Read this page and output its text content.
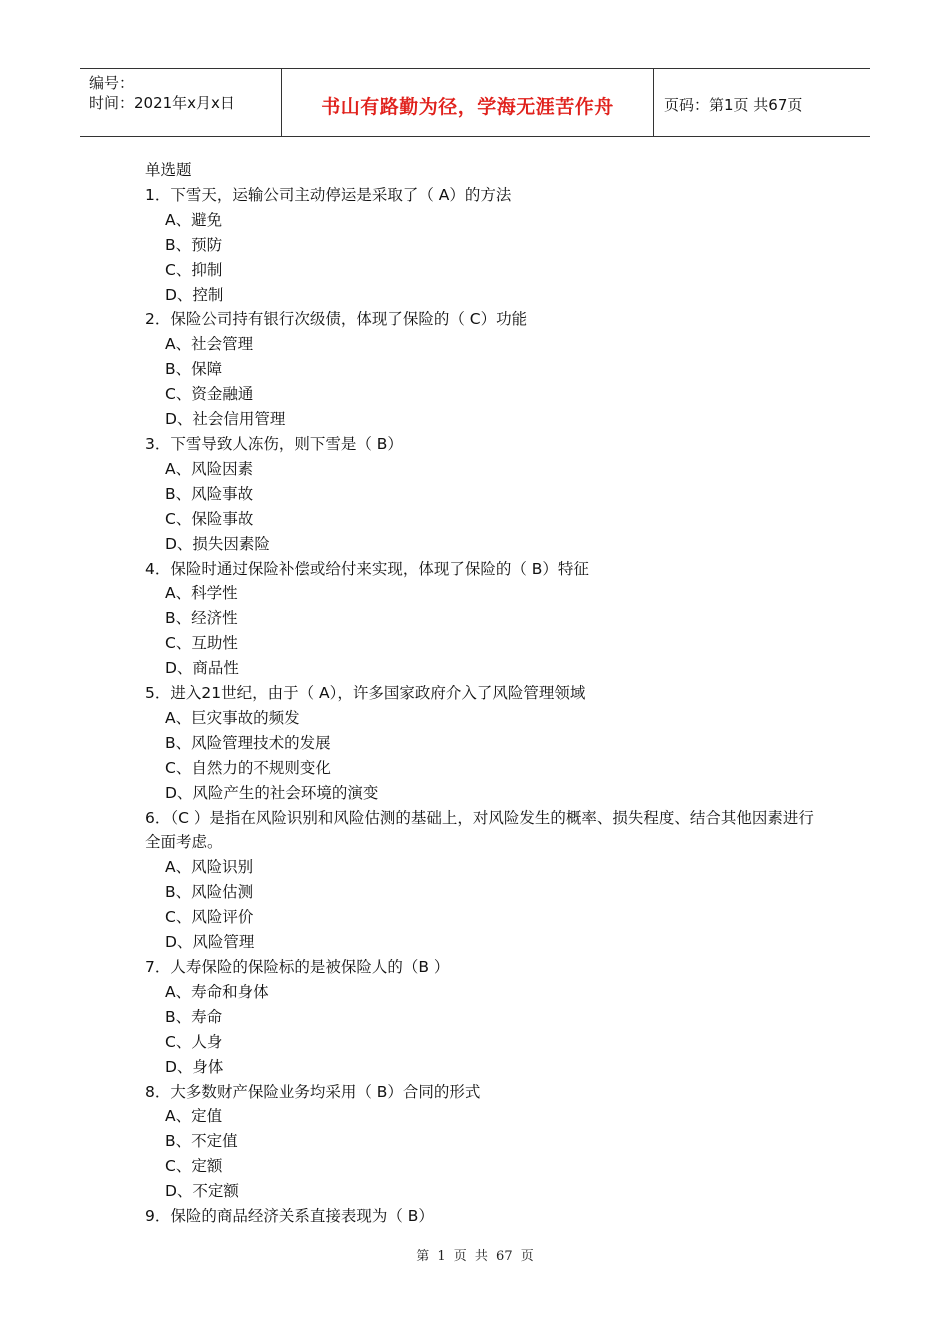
编号：
时间：2021年x月x日	书山有路勤为径，学海无涯苦作舟	页码：第1页 共67页
单选题
1．下雪天，运输公司主动停运是采取了（ A）的方法
A、避免
B、预防
C、抑制
D、控制
2．保险公司持有银行次级债，体现了保险的（ C）功能
A、社会管理
B、保障
C、资金融通
D、社会信用管理
3．下雪导致人冻伤，则下雪是（ B）
A、风险因素
B、风险事故
C、保险事故
D、损失因素险
4．保险时通过保险补偿或给付来实现，体现了保险的（ B）特征
A、科学性
B、经济性
C、互助性
D、商品性
5．进入21世纪，由于（ A），许多国家政府介入了风险管理领域
A、巨灾事故的频发
B、风险管理技术的发展
C、自然力的不规则变化
D、风险产生的社会环境的演变
6．（C ）是指在风险识别和风险估测的基础上，对风险发生的概率、损失程度、结合其他因素进行全面考虑。
A、风险识别
B、风险估测
C、风险评价
D、风险管理
7．人寿保险的保险标的是被保险人的（B ）
A、寿命和身体
B、寿命
C、人身
D、身体
8．大多数财产保险业务均采用（ B）合同的形式
A、定值
B、不定值
C、定额
D、不定额
9．保险的商品经济关系直接表现为（ B）
第 1 页 共 67 页
